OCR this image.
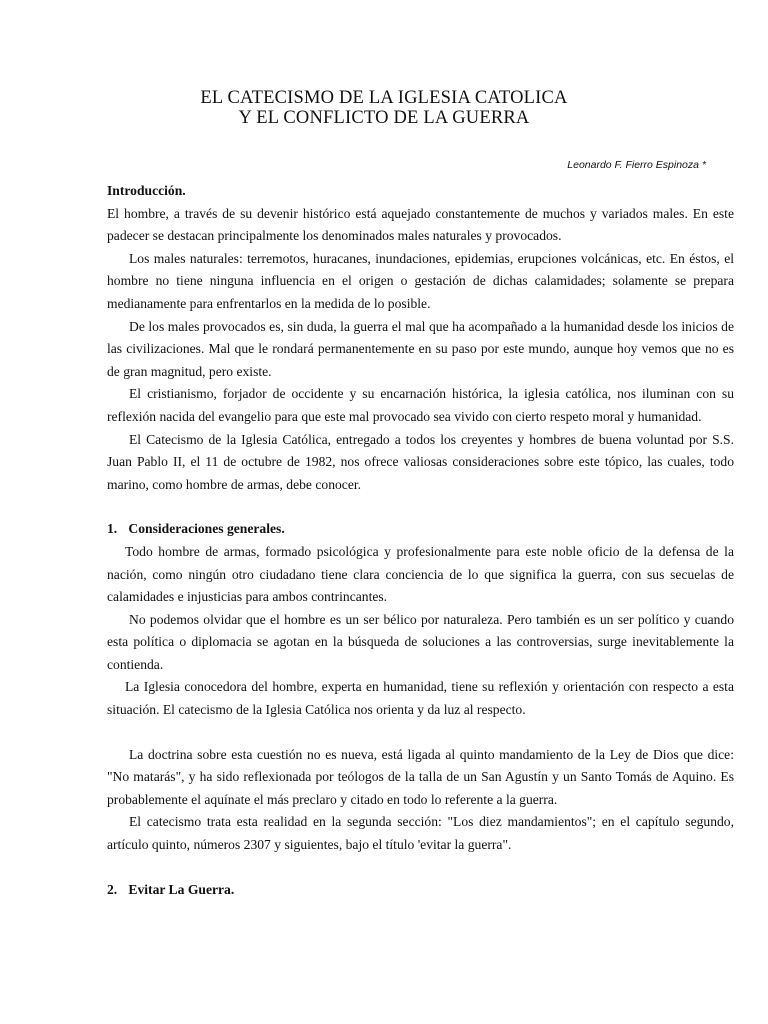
EL CATECISMO DE LA IGLESIA CATOLICA
Y EL CONFLICTO DE LA GUERRA
Leonardo F. Fierro Espinoza *

Introducción.

El hombre, a través de su devenir histórico está aquejado constantemente de muchos y variados males. En este padecer se destacan principalmente los denominados males naturales y provocados.

Los males naturales: terremotos, huracanes, inundaciones, epidemias, erupciones volcánicas, etc. En éstos, el hombre no tiene ninguna influencia en el origen o gestación de dichas calamidades; solamente se prepara medianamente para enfrentarlos en la medida de lo posible.

De los males provocados es, sin duda, la guerra el mal que ha acompañado a la humanidad desde los inicios de las civilizaciones. Mal que le rondará permanentemente en su paso por este mundo, aunque hoy vemos que no es de gran magnitud, pero existe.

El cristianismo, forjador de occidente y su encarnación histórica, la iglesia católica, nos iluminan con su reflexión nacida del evangelio para que este mal provocado sea vivido con cierto respeto moral y humanidad.

El Catecismo de la Iglesia Católica, entregado a todos los creyentes y hombres de buena voluntad por S.S. Juan Pablo II, el 11 de octubre de 1982, nos ofrece valiosas consideraciones sobre este tópico, las cuales, todo marino, como hombre de armas, debe conocer.

1. Consideraciones generales.

Todo hombre de armas, formado psicológica y profesionalmente para este noble oficio de la defensa de la nación, como ningún otro ciudadano tiene clara conciencia de lo que significa la guerra, con sus secuelas de calamidades e injusticias para ambos contrincantes.

No podemos olvidar que el hombre es un ser bélico por naturaleza. Pero también es un ser político y cuando esta política o diplomacia se agotan en la búsqueda de soluciones a las controversias, surge inevitablemente la contienda.

La Iglesia conocedora del hombre, experta en humanidad, tiene su reflexión y orientación con respecto a esta situación. El catecismo de la Iglesia Católica nos orienta y da luz al respecto.

La doctrina sobre esta cuestión no es nueva, está ligada al quinto mandamiento de la Ley de Dios que dice: "No matarás", y ha sido reflexionada por teólogos de la talla de un San Agustín y un Santo Tomás de Aquino. Es probablemente el aquínate el más preclaro y citado en todo lo referente a la guerra.

El catecismo trata esta realidad en la segunda sección: "Los diez mandamientos"; en el capítulo segundo, artículo quinto, números 2307 y siguientes, bajo el título 'evitar la guerra".

2. Evitar La Guerra.
